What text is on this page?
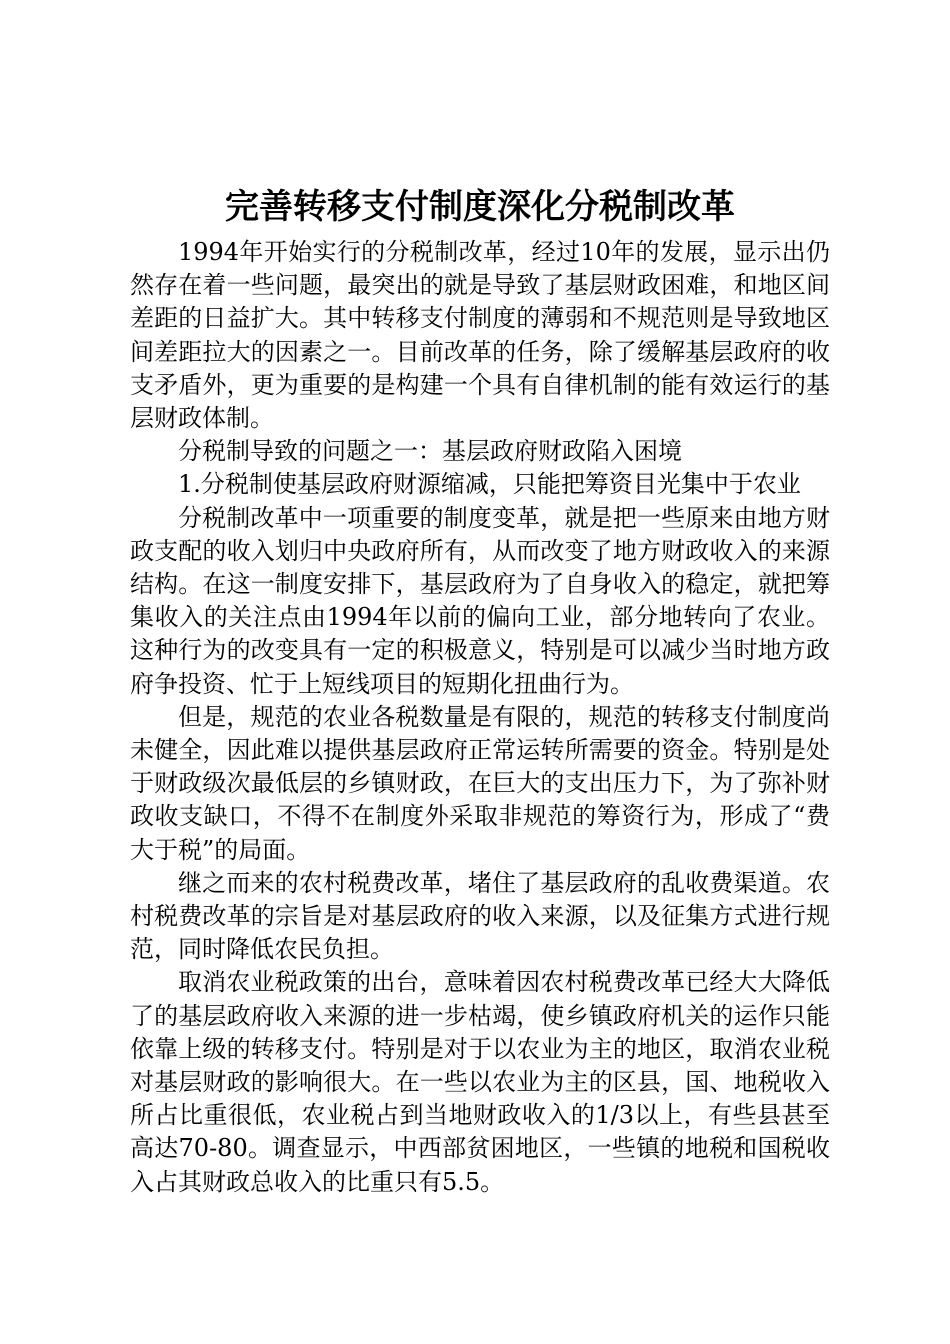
完善转移支付制度深化分税制改革

1994年开始实行的分税制改革，经过10年的发展，显示出仍然存在着一些问题，最突出的就是导致了基层财政困难，和地区间差距的日益扩大。其中转移支付制度的薄弱和不规范则是导致地区间差距拉大的因素之一。目前改革的任务，除了缓解基层政府的收支矛盾外，更为重要的是构建一个具有自律机制的能有效运行的基层财政体制。

分税制导致的问题之一：基层政府财政陷入困境

1.分税制使基层政府财源缩减，只能把筹资目光集中于农业

分税制改革中一项重要的制度变革，就是把一些原来由地方财政支配的收入划归中央政府所有，从而改变了地方财政收入的来源结构。在这一制度安排下，基层政府为了自身收入的稳定，就把筹集收入的关注点由1994年以前的偏向工业，部分地转向了农业。这种行为的改变具有一定的积极意义，特别是可以减少当时地方政府争投资、忙于上短线项目的短期化扭曲行为。

但是，规范的农业各税数量是有限的，规范的转移支付制度尚未健全，因此难以提供基层政府正常运转所需要的资金。特别是处于财政级次最低层的乡镇财政，在巨大的支出压力下，为了弥补财政收支缺口，不得不在制度外采取非规范的筹资行为，形成了“费大于税”的局面。

继之而来的农村税费改革，堵住了基层政府的乱收费渠道。农村税费改革的宗旨是对基层政府的收入来源，以及征集方式进行规范，同时降低农民负担。

取消农业税政策的出台，意味着因农村税费改革已经大大降低了的基层政府收入来源的进一步枯竭，使乡镇政府机关的运作只能依靠上级的转移支付。特别是对于以农业为主的地区，取消农业税对基层财政的影响很大。在一些以农业为主的区县，国、地税收入所占比重很低，农业税占到当地财政收入的1/3以上，有些县甚至高达70-80。调查显示，中西部贫困地区，一些镇的地税和国税收入占其财政总收入的比重只有5.5。
